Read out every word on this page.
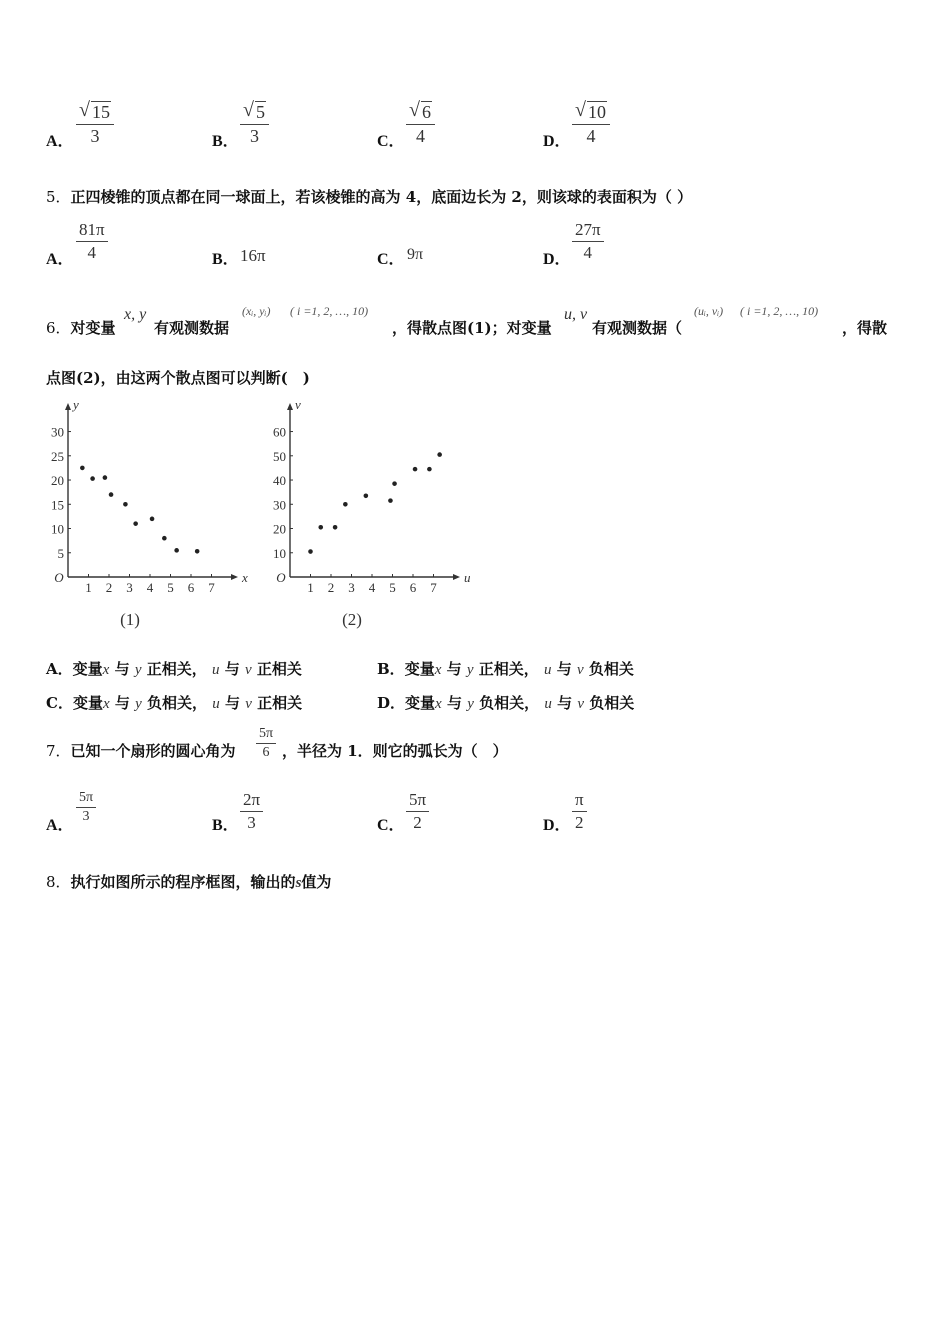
A． $\frac{√ 15}{3}$	B． $\frac{√ 5}{3}$	C． $\frac{√ 6}{4}$	D． $\frac{√ 10}{4}$
5．正四棱锥的顶点都在同一球面上，若该棱锥的高为 4，底面边长为 2，则该球的表面积为（ ）
A． $\frac{81\pi}{4}$	B． 16π	C． 9π	D． $\frac{27\pi}{4}$
6．对变量
x, y
有观测数据
(xᵢ, yᵢ) ( i =1, 2, …, 10)
，得散点图(1)；对变量
u, v
有观测数据（
(uᵢ, vᵢ) ( i =1, 2, …, 10)
，得散
点图(2)，由这两个散点图可以判断(　)
x
y
O
1 2 3 4 5 6 7
5
10
15
20
25
30
(1)
u
v
O
1 2 3 4 5 6 7
10
20
30
40
50
60
(2)
A．变量x 与 y 正相关， u 与 v 正相关	B．变量x 与 y 正相关， u 与 v 负相关
C．变量x 与 y 负相关， u 与 v 正相关	D．变量x 与 y 负相关， u 与 v 负相关
7．已知一个扇形的圆心角为 $\frac{5\pi}{6}$ ，半径为 1．则它的弧长为（　）
A．
$\frac{5\pi}{3}$
B． $\frac{2\pi}{3}$	C． $\frac{5\pi}{2}$	D． $\frac{\pi}{2}$
8．执行如图所示的程序框图，输出的s值为
